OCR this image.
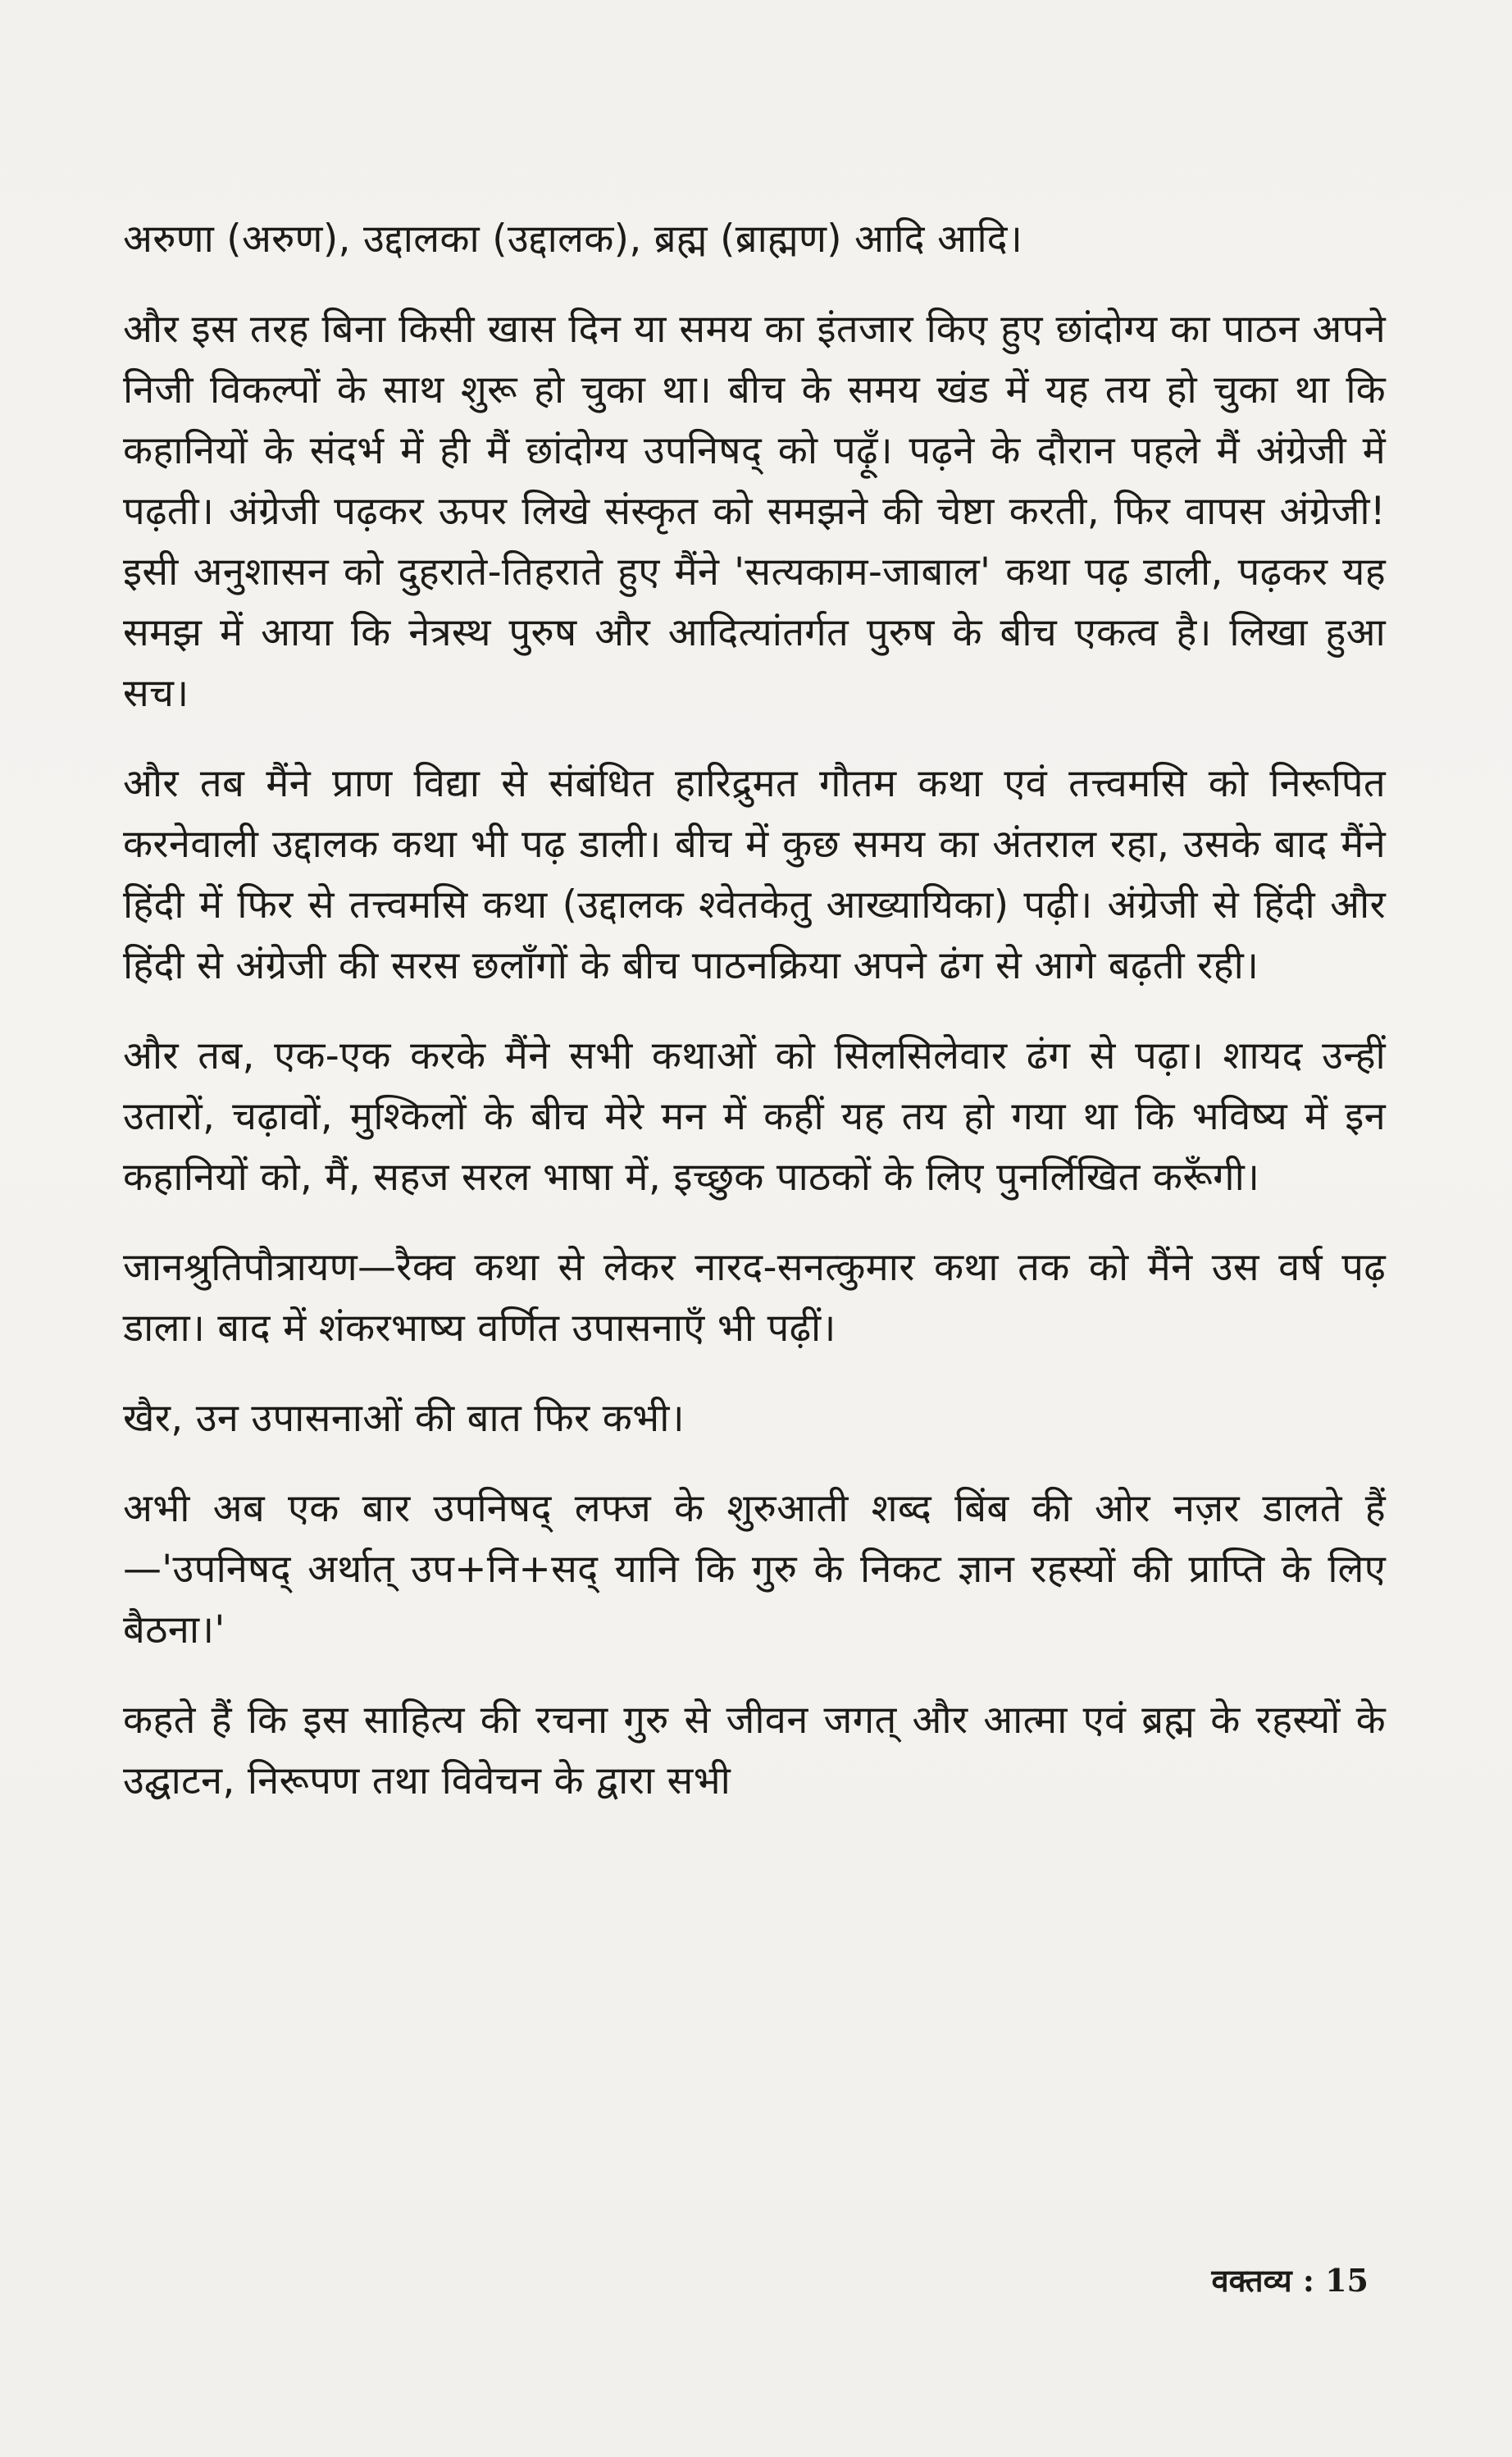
अरुणा (अरुण), उद्दालका (उद्दालक), ब्रह्म (ब्राह्मण) आदि आदि।

और इस तरह बिना किसी खास दिन या समय का इंतजार किए हुए छांदोग्य का पाठन अपने निजी विकल्पों के साथ शुरू हो चुका था। बीच के समय खंड में यह तय हो चुका था कि कहानियों के संदर्भ में ही मैं छांदोग्य उपनिषद् को पढ़ूँ। पढ़ने के दौरान पहले मैं अंग्रेजी में पढ़ती। अंग्रेजी पढ़कर ऊपर लिखे संस्कृत को समझने की चेष्टा करती, फिर वापस अंग्रेजी! इसी अनुशासन को दुहराते-तिहराते हुए मैंने 'सत्यकाम-जाबाल' कथा पढ़ डाली, पढ़कर यह समझ में आया कि नेत्रस्थ पुरुष और आदित्यांतर्गत पुरुष के बीच एकत्व है। लिखा हुआ सच।

और तब मैंने प्राण विद्या से संबंधित हारिद्रुमत गौतम कथा एवं तत्त्वमसि को निरूपित करनेवाली उद्दालक कथा भी पढ़ डाली। बीच में कुछ समय का अंतराल रहा, उसके बाद मैंने हिंदी में फिर से तत्त्वमसि कथा (उद्दालक श्वेतकेतु आख्यायिका) पढ़ी। अंग्रेजी से हिंदी और हिंदी से अंग्रेजी की सरस छलाँगों के बीच पाठनक्रिया अपने ढंग से आगे बढ़ती रही।

और तब, एक-एक करके मैंने सभी कथाओं को सिलसिलेवार ढंग से पढ़ा। शायद उन्हीं उतारों, चढ़ावों, मुश्किलों के बीच मेरे मन में कहीं यह तय हो गया था कि भविष्य में इन कहानियों को, मैं, सहज सरल भाषा में, इच्छुक पाठकों के लिए पुनर्लिखित करूँगी।

जानश्रुतिपौत्रायण—रैक्व कथा से लेकर नारद-सनत्कुमार कथा तक को मैंने उस वर्ष पढ़ डाला। बाद में शंकरभाष्य वर्णित उपासनाएँ भी पढ़ीं।

खैर, उन उपासनाओं की बात फिर कभी।

अभी अब एक बार उपनिषद् लफ्ज के शुरुआती शब्द बिंब की ओर नज़र डालते हैं—'उपनिषद् अर्थात् उप+नि+सद् यानि कि गुरु के निकट ज्ञान रहस्यों की प्राप्ति के लिए बैठना।'

कहते हैं कि इस साहित्य की रचना गुरु से जीवन जगत् और आत्मा एवं ब्रह्म के रहस्यों के उद्घाटन, निरूपण तथा विवेचन के द्वारा सभी

वक्तव्य : 15
